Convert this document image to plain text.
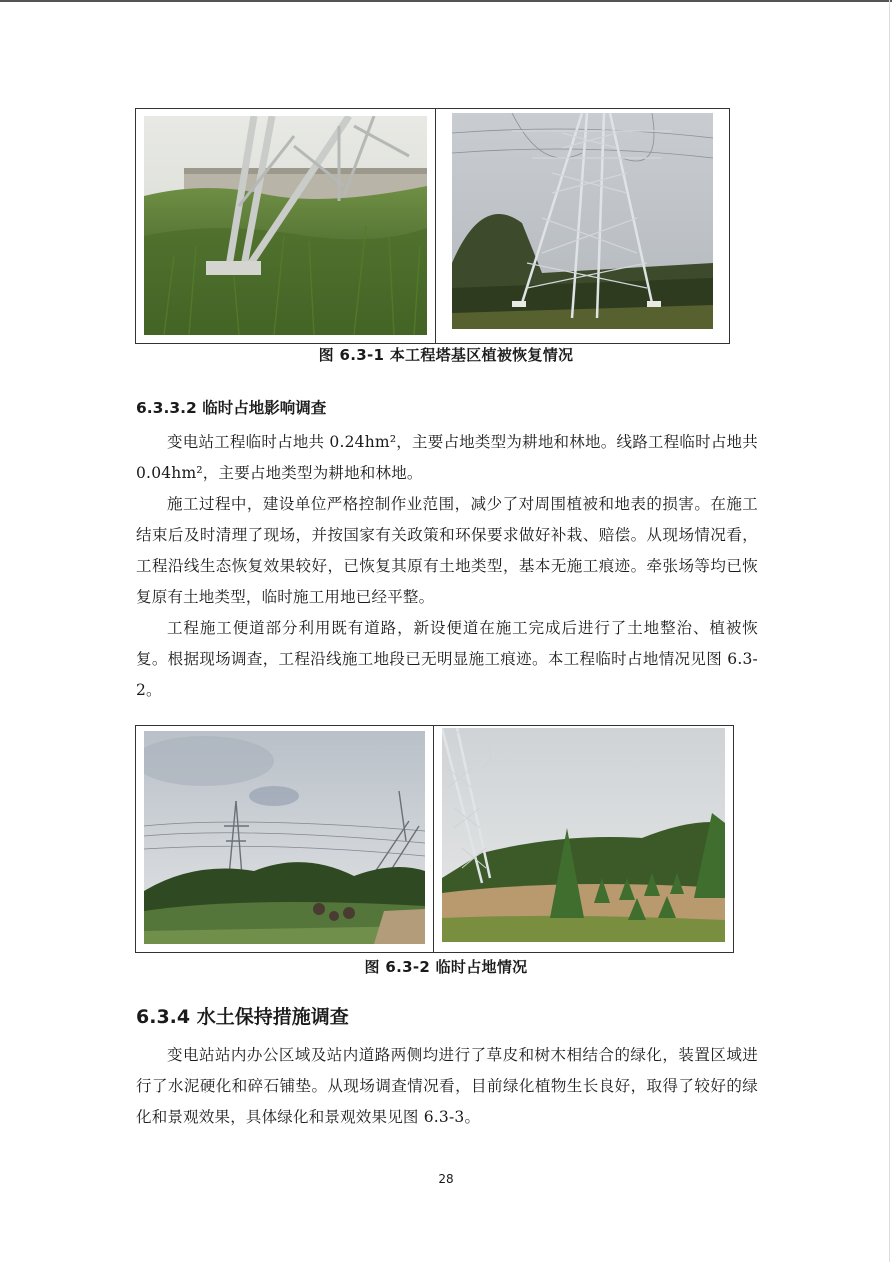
图 6.3-1 本工程塔基区植被恢复情况
6.3.3.2 临时占地影响调查
变电站工程临时占地共 0.24hm²，主要占地类型为耕地和林地。线路工程临时占地共 0.04hm²，主要占地类型为耕地和林地。
施工过程中，建设单位严格控制作业范围，减少了对周围植被和地表的损害。在施工结束后及时清理了现场，并按国家有关政策和环保要求做好补栽、赔偿。从现场情况看，工程沿线生态恢复效果较好，已恢复其原有土地类型，基本无施工痕迹。牵张场等均已恢复原有土地类型，临时施工用地已经平整。
工程施工便道部分利用既有道路，新设便道在施工完成后进行了土地整治、植被恢复。根据现场调查，工程沿线施工地段已无明显施工痕迹。本工程临时占地情况见图 6.3-2。
图 6.3-2 临时占地情况
6.3.4 水土保持措施调查
变电站站内办公区域及站内道路两侧均进行了草皮和树木相结合的绿化，装置区域进行了水泥硬化和碎石铺垫。从现场调查情况看，目前绿化植物生长良好，取得了较好的绿化和景观效果，具体绿化和景观效果见图 6.3-3。
28
